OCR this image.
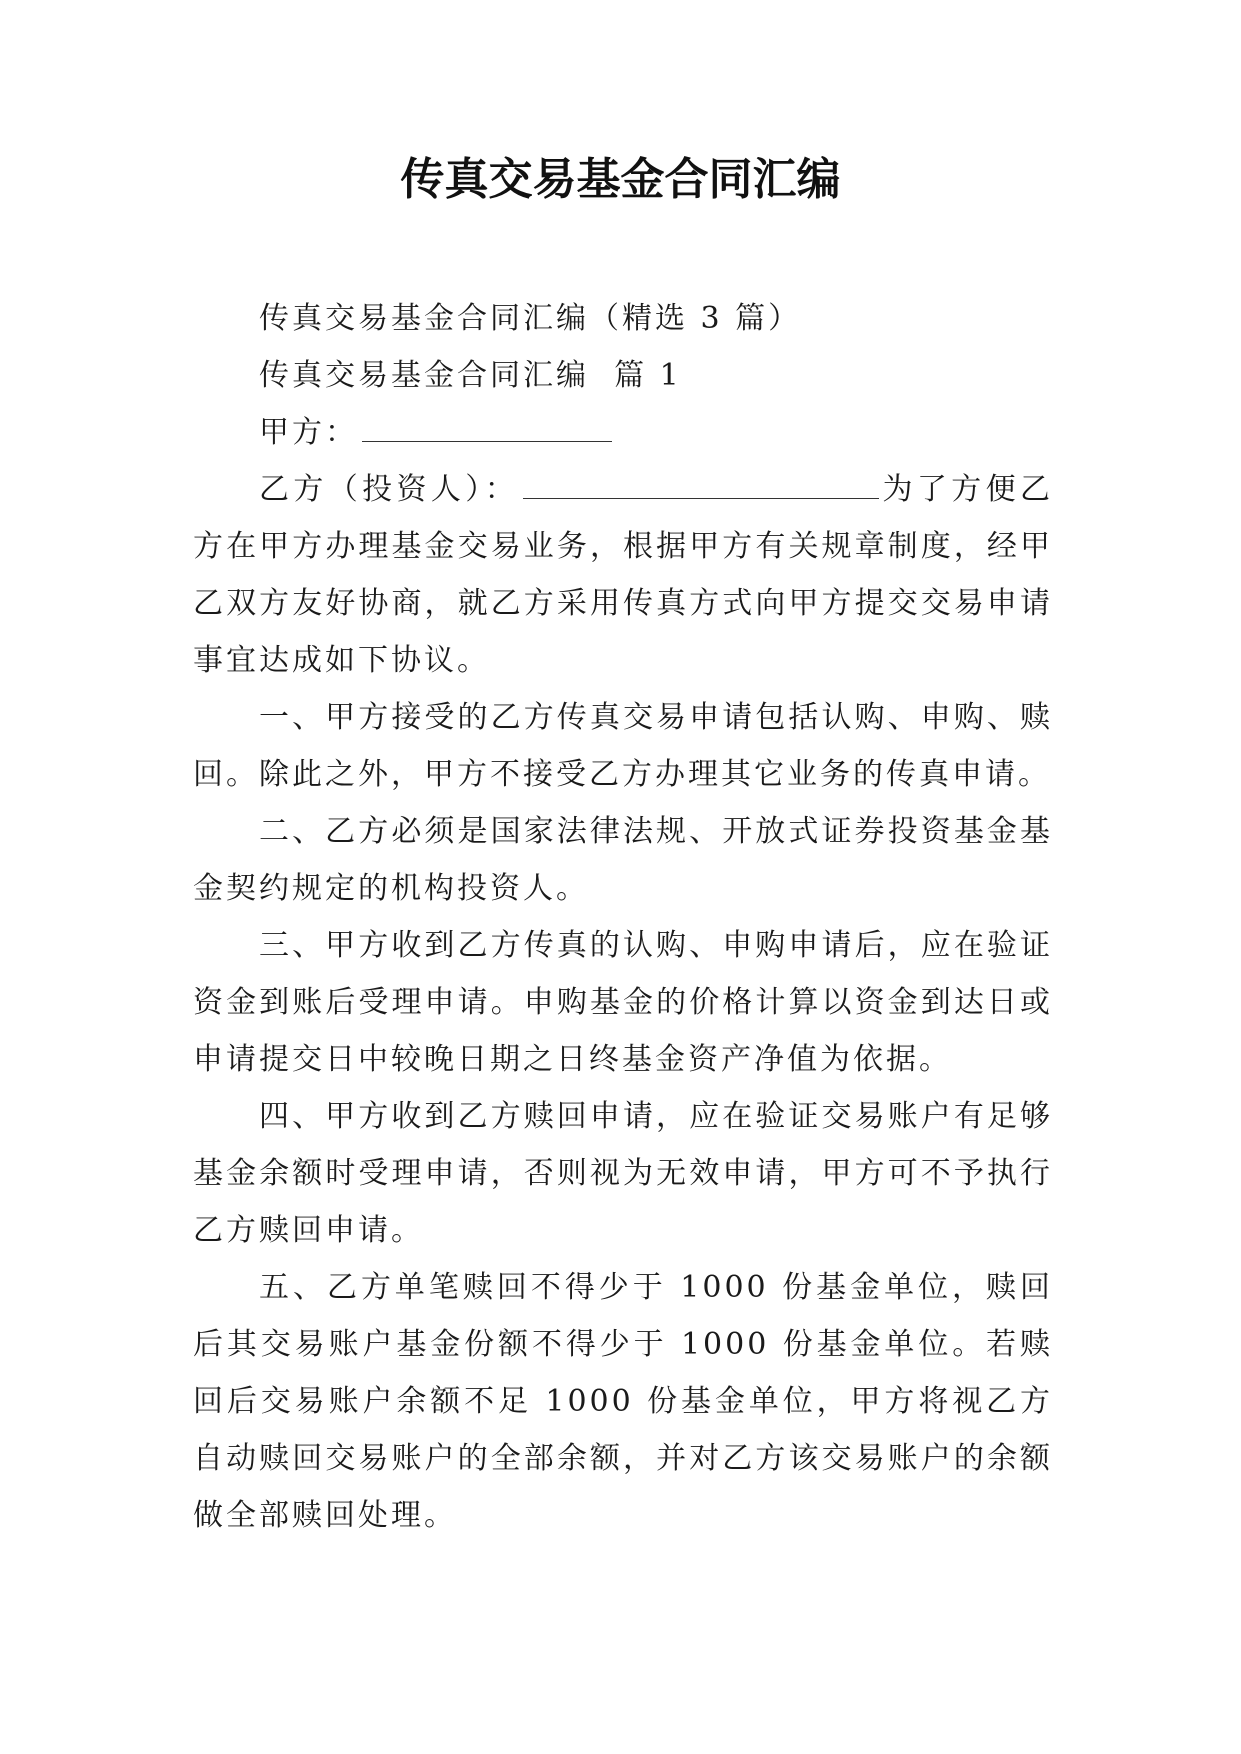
传真交易基金合同汇编

传真交易基金合同汇编（精选 3 篇）

传真交易基金合同汇编  篇 1

甲方：

乙方（投资人）：	为了方便乙方在甲方办理基金交易业务，根据甲方有关规章制度，经甲乙双方友好协商，就乙方采用传真方式向甲方提交交易申请事宜达成如下协议。

一、甲方接受的乙方传真交易申请包括认购、申购、赎回。除此之外，甲方不接受乙方办理其它业务的传真申请。

二、乙方必须是国家法律法规、开放式证券投资基金基金契约规定的机构投资人。

三、甲方收到乙方传真的认购、申购申请后，应在验证资金到账后受理申请。申购基金的价格计算以资金到达日或申请提交日中较晚日期之日终基金资产净值为依据。

四、甲方收到乙方赎回申请，应在验证交易账户有足够基金余额时受理申请，否则视为无效申请，甲方可不予执行乙方赎回申请。

五、乙方单笔赎回不得少于 1000 份基金单位，赎回后其交易账户基金份额不得少于 1000 份基金单位。若赎回后交易账户余额不足 1000 份基金单位，甲方将视乙方自动赎回交易账户的全部余额，并对乙方该交易账户的余额做全部赎回处理。
